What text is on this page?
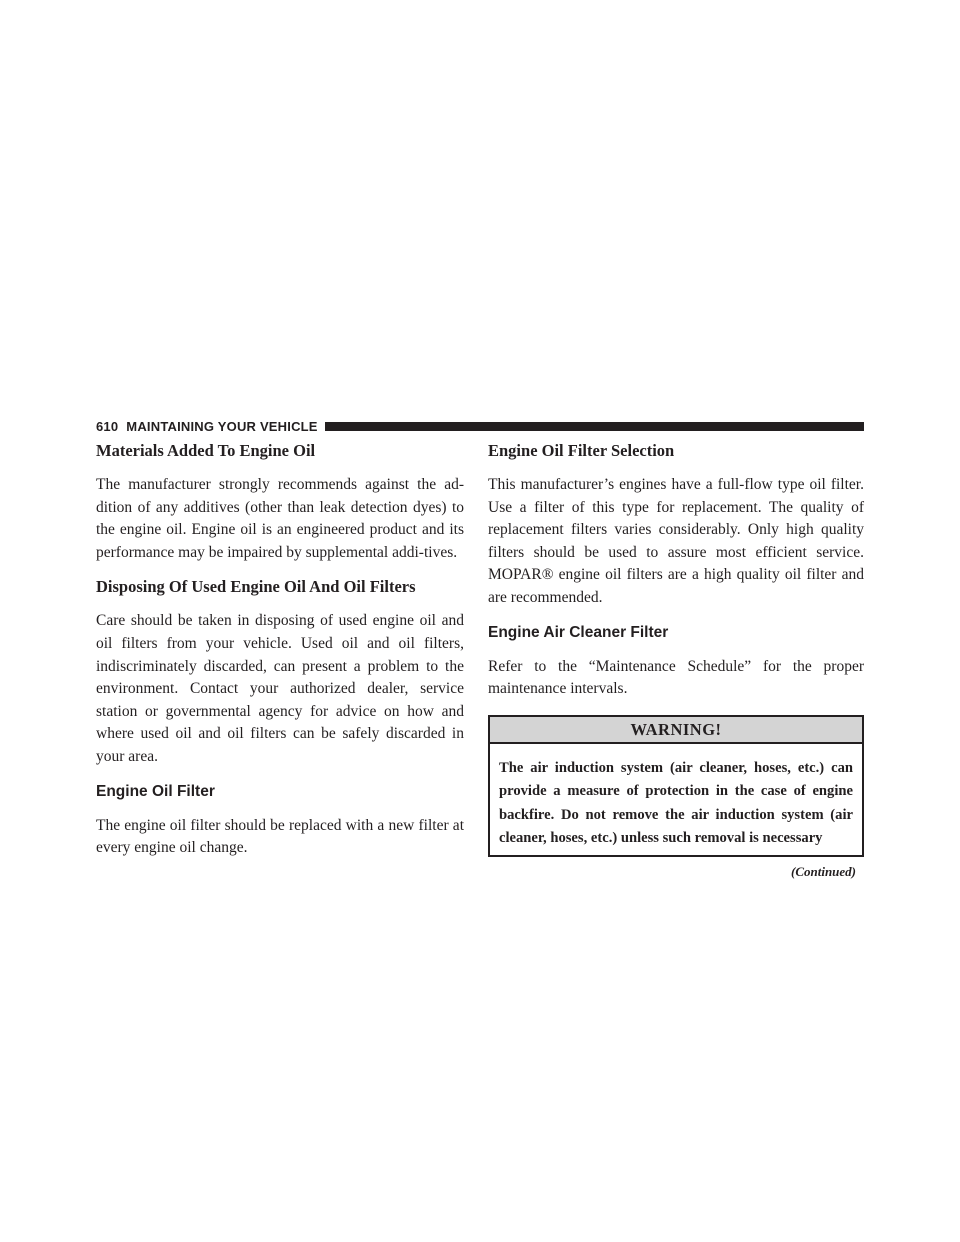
610 MAINTAINING YOUR VEHICLE
Materials Added To Engine Oil

The manufacturer strongly recommends against the ad-dition of any additives (other than leak detection dyes) to the engine oil. Engine oil is an engineered product and its performance may be impaired by supplemental addi-tives.

Disposing Of Used Engine Oil And Oil Filters

Care should be taken in disposing of used engine oil and oil filters from your vehicle. Used oil and oil filters, indiscriminately discarded, can present a problem to the environment. Contact your authorized dealer, service station or governmental agency for advice on how and where used oil and oil filters can be safely discarded in your area.

Engine Oil Filter

The engine oil filter should be replaced with a new filter at every engine oil change.

Engine Oil Filter Selection

This manufacturer’s engines have a full-flow type oil filter. Use a filter of this type for replacement. The quality of replacement filters varies considerably. Only high quality filters should be used to assure most efficient service. MOPAR® engine oil filters are a high quality oil filter and are recommended.

Engine Air Cleaner Filter

Refer to the “Maintenance Schedule” for the proper maintenance intervals.

WARNING!
The air induction system (air cleaner, hoses, etc.) can provide a measure of protection in the case of engine backfire. Do not remove the air induction system (air cleaner, hoses, etc.) unless such removal is necessary
(Continued)
